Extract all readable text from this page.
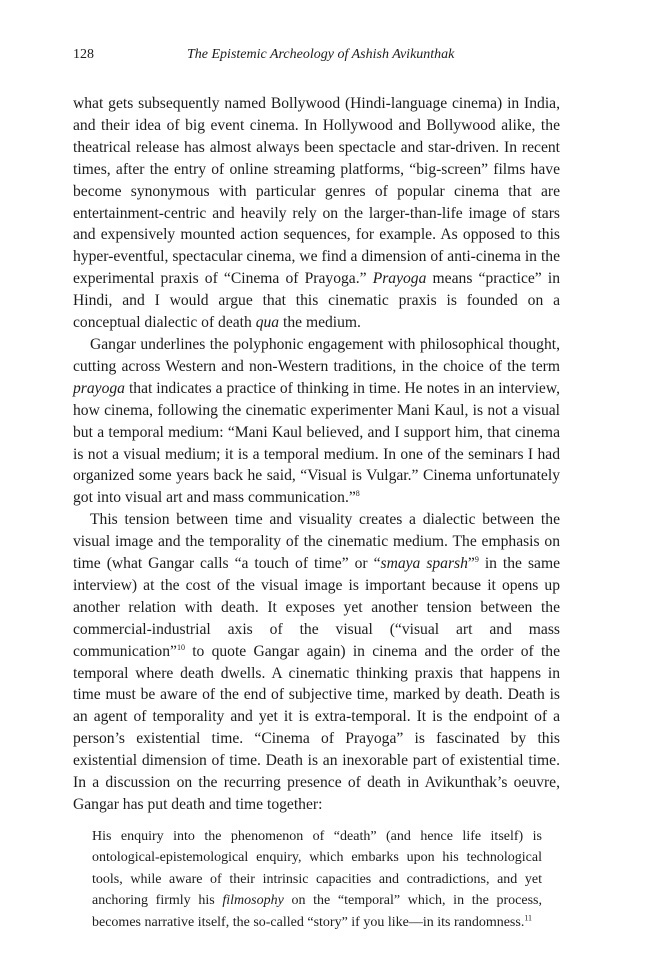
128	The Epistemic Archeology of Ashish Avikunthak

what gets subsequently named Bollywood (Hindi-language cinema) in India, and their idea of big event cinema. In Hollywood and Bollywood alike, the theatrical release has almost always been spectacle and star-driven. In recent times, after the entry of online streaming platforms, “big-screen” films have become synonymous with particular genres of popular cinema that are entertainment-centric and heavily rely on the larger-than-life image of stars and expensively mounted action sequences, for example. As opposed to this hyper-eventful, spectacular cinema, we find a dimension of anti-cinema in the experimental praxis of “Cinema of Prayoga.” Prayoga means “practice” in Hindi, and I would argue that this cinematic praxis is founded on a conceptual dialectic of death qua the medium.

Gangar underlines the polyphonic engagement with philosophical thought, cutting across Western and non-Western traditions, in the choice of the term prayoga that indicates a practice of thinking in time. He notes in an interview, how cinema, following the cinematic experimenter Mani Kaul, is not a visual but a temporal medium: “Mani Kaul believed, and I support him, that cinema is not a visual medium; it is a temporal medium. In one of the seminars I had organized some years back he said, “Visual is Vulgar.” Cinema unfortunately got into visual art and mass communication.”$^8$

This tension between time and visuality creates a dialectic between the visual image and the temporality of the cinematic medium. The emphasis on time (what Gangar calls “a touch of time” or “smaya sparsh”$^9$ in the same interview) at the cost of the visual image is important because it opens up another relation with death. It exposes yet another tension between the commercial-industrial axis of the visual (“visual art and mass communication”$^{10}$ to quote Gangar again) in cinema and the order of the temporal where death dwells. A cinematic thinking praxis that happens in time must be aware of the end of subjective time, marked by death. Death is an agent of temporality and yet it is extra-temporal. It is the endpoint of a person’s existential time. “Cinema of Prayoga” is fascinated by this existential dimension of time. Death is an inexorable part of existential time. In a discussion on the recurring presence of death in Avikunthak’s oeuvre, Gangar has put death and time together:

His enquiry into the phenomenon of “death” (and hence life itself) is ontological-epistemological enquiry, which embarks upon his technological tools, while aware of their intrinsic capacities and contradictions, and yet anchoring firmly his filmosophy on the “temporal” which, in the process, becomes narrative itself, the so-called “story” if you like—in its randomness.$^{11}$
